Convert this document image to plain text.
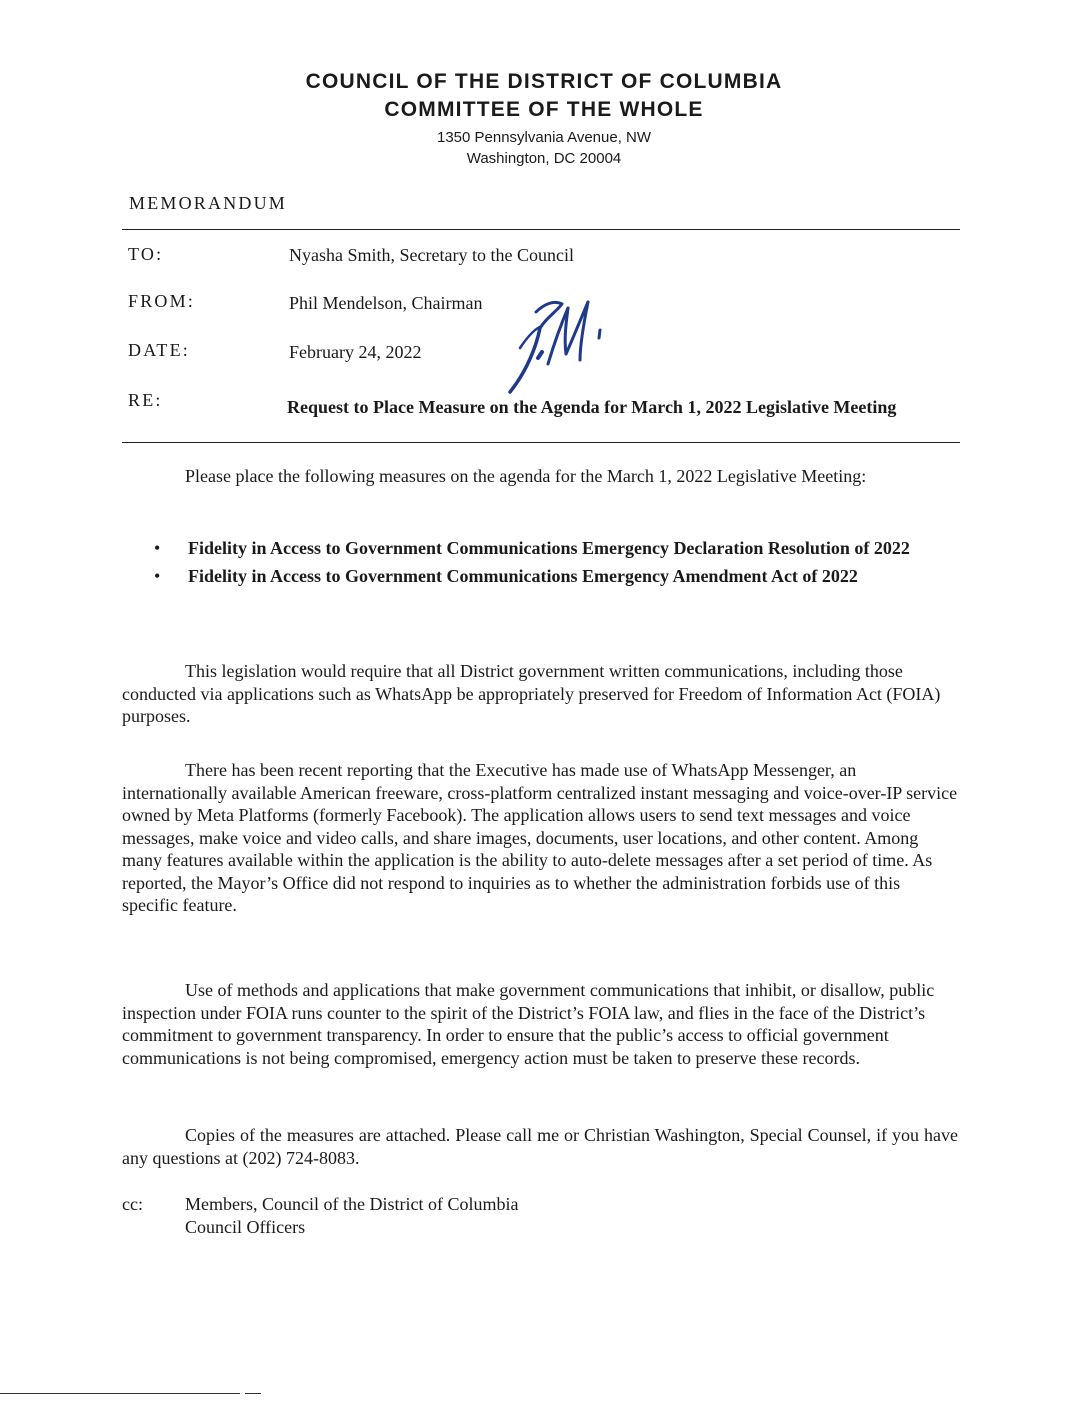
COUNCIL OF THE DISTRICT OF COLUMBIA
COMMITTEE OF THE WHOLE
1350 Pennsylvania Avenue, NW
Washington, DC 20004
MEMORANDUM
TO:	Nyasha Smith, Secretary to the Council
FROM:	Phil Mendelson, Chairman
DATE:	February 24, 2022
RE:	Request to Place Measure on the Agenda for March 1, 2022 Legislative Meeting
Please place the following measures on the agenda for the March 1, 2022 Legislative Meeting:
• Fidelity in Access to Government Communications Emergency Declaration Resolution of 2022
• Fidelity in Access to Government Communications Emergency Amendment Act of 2022
This legislation would require that all District government written communications, including those conducted via applications such as WhatsApp be appropriately preserved for Freedom of Information Act (FOIA) purposes.
There has been recent reporting that the Executive has made use of WhatsApp Messenger, an internationally available American freeware, cross-platform centralized instant messaging and voice-over-IP service owned by Meta Platforms (formerly Facebook). The application allows users to send text messages and voice messages, make voice and video calls, and share images, documents, user locations, and other content. Among many features available within the application is the ability to auto-delete messages after a set period of time. As reported, the Mayor’s Office did not respond to inquiries as to whether the administration forbids use of this specific feature.
Use of methods and applications that make government communications that inhibit, or disallow, public inspection under FOIA runs counter to the spirit of the District’s FOIA law, and flies in the face of the District’s commitment to government transparency. In order to ensure that the public’s access to official government communications is not being compromised, emergency action must be taken to preserve these records.
Copies of the measures are attached. Please call me or Christian Washington, Special Counsel, if you have any questions at (202) 724-8083.
cc: Members, Council of the District of Columbia
Council Officers
